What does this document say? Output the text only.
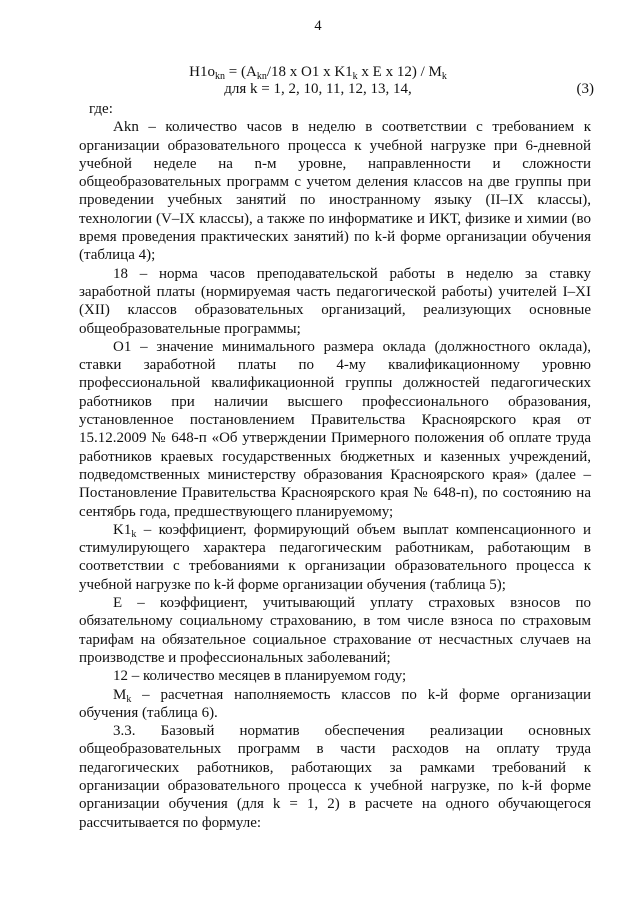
4
$Н1о_{kn} = (A_{kn}/18$ х О1 х $K1_k$ х E х $12) / M_k$
для k = 1, 2, 10, 11, 12, 13, 14,	(3)

где:

Akn – количество часов в неделю в соответствии с требованием к организации образовательного процесса к учебной нагрузке при 6-дневной учебной неделе на n-м уровне, направленности и сложности общеобразовательных программ с учетом деления классов на две группы при проведении учебных занятий по иностранному языку (II–IX классы), технологии (V–IX классы), а также по информатике и ИКТ, физике и химии (во время проведения практических занятий) по k-й форме организации обучения (таблица 4);

18 – норма часов преподавательской работы в неделю за ставку заработной платы (нормируемая часть педагогической работы) учителей I–XI (XII) классов образовательных организаций, реализующих основные общеобразовательные программы;

О1 – значение минимального размера оклада (должностного оклада), ставки заработной платы по 4-му квалификационному уровню профессиональной квалификационной группы должностей педагогических работников при наличии высшего профессионального образования, установленное постановлением Правительства Красноярского края от 15.12.2009 № 648-п «Об утверждении Примерного положения об оплате труда работников краевых государственных бюджетных и казенных учреждений, подведомственных министерству образования Красноярского края» (далее – Постановление Правительства Красноярского края № 648-п), по состоянию на сентябрь года, предшествующего планируемому;

$K1_k$ – коэффициент, формирующий объем выплат компенсационного и стимулирующего характера педагогическим работникам, работающим в соответствии с требованиями к организации образовательного процесса к учебной нагрузке по k-й форме организации обучения (таблица 5);

E – коэффициент, учитывающий уплату страховых взносов по обязательному социальному страхованию, в том числе взноса по страховым тарифам на обязательное социальное страхование от несчастных случаев на производстве и профессиональных заболеваний;

12 – количество месяцев в планируемом году;

$M_k$ – расчетная наполняемость классов по k-й форме организации обучения (таблица 6).

3.3. Базовый норматив обеспечения реализации основных общеобразовательных программ в части расходов на оплату труда педагогических работников, работающих за рамками требований к организации образовательного процесса к учебной нагрузке, по k-й форме организации обучения (для k = 1, 2) в расчете на одного обучающегося рассчитывается по формуле:
